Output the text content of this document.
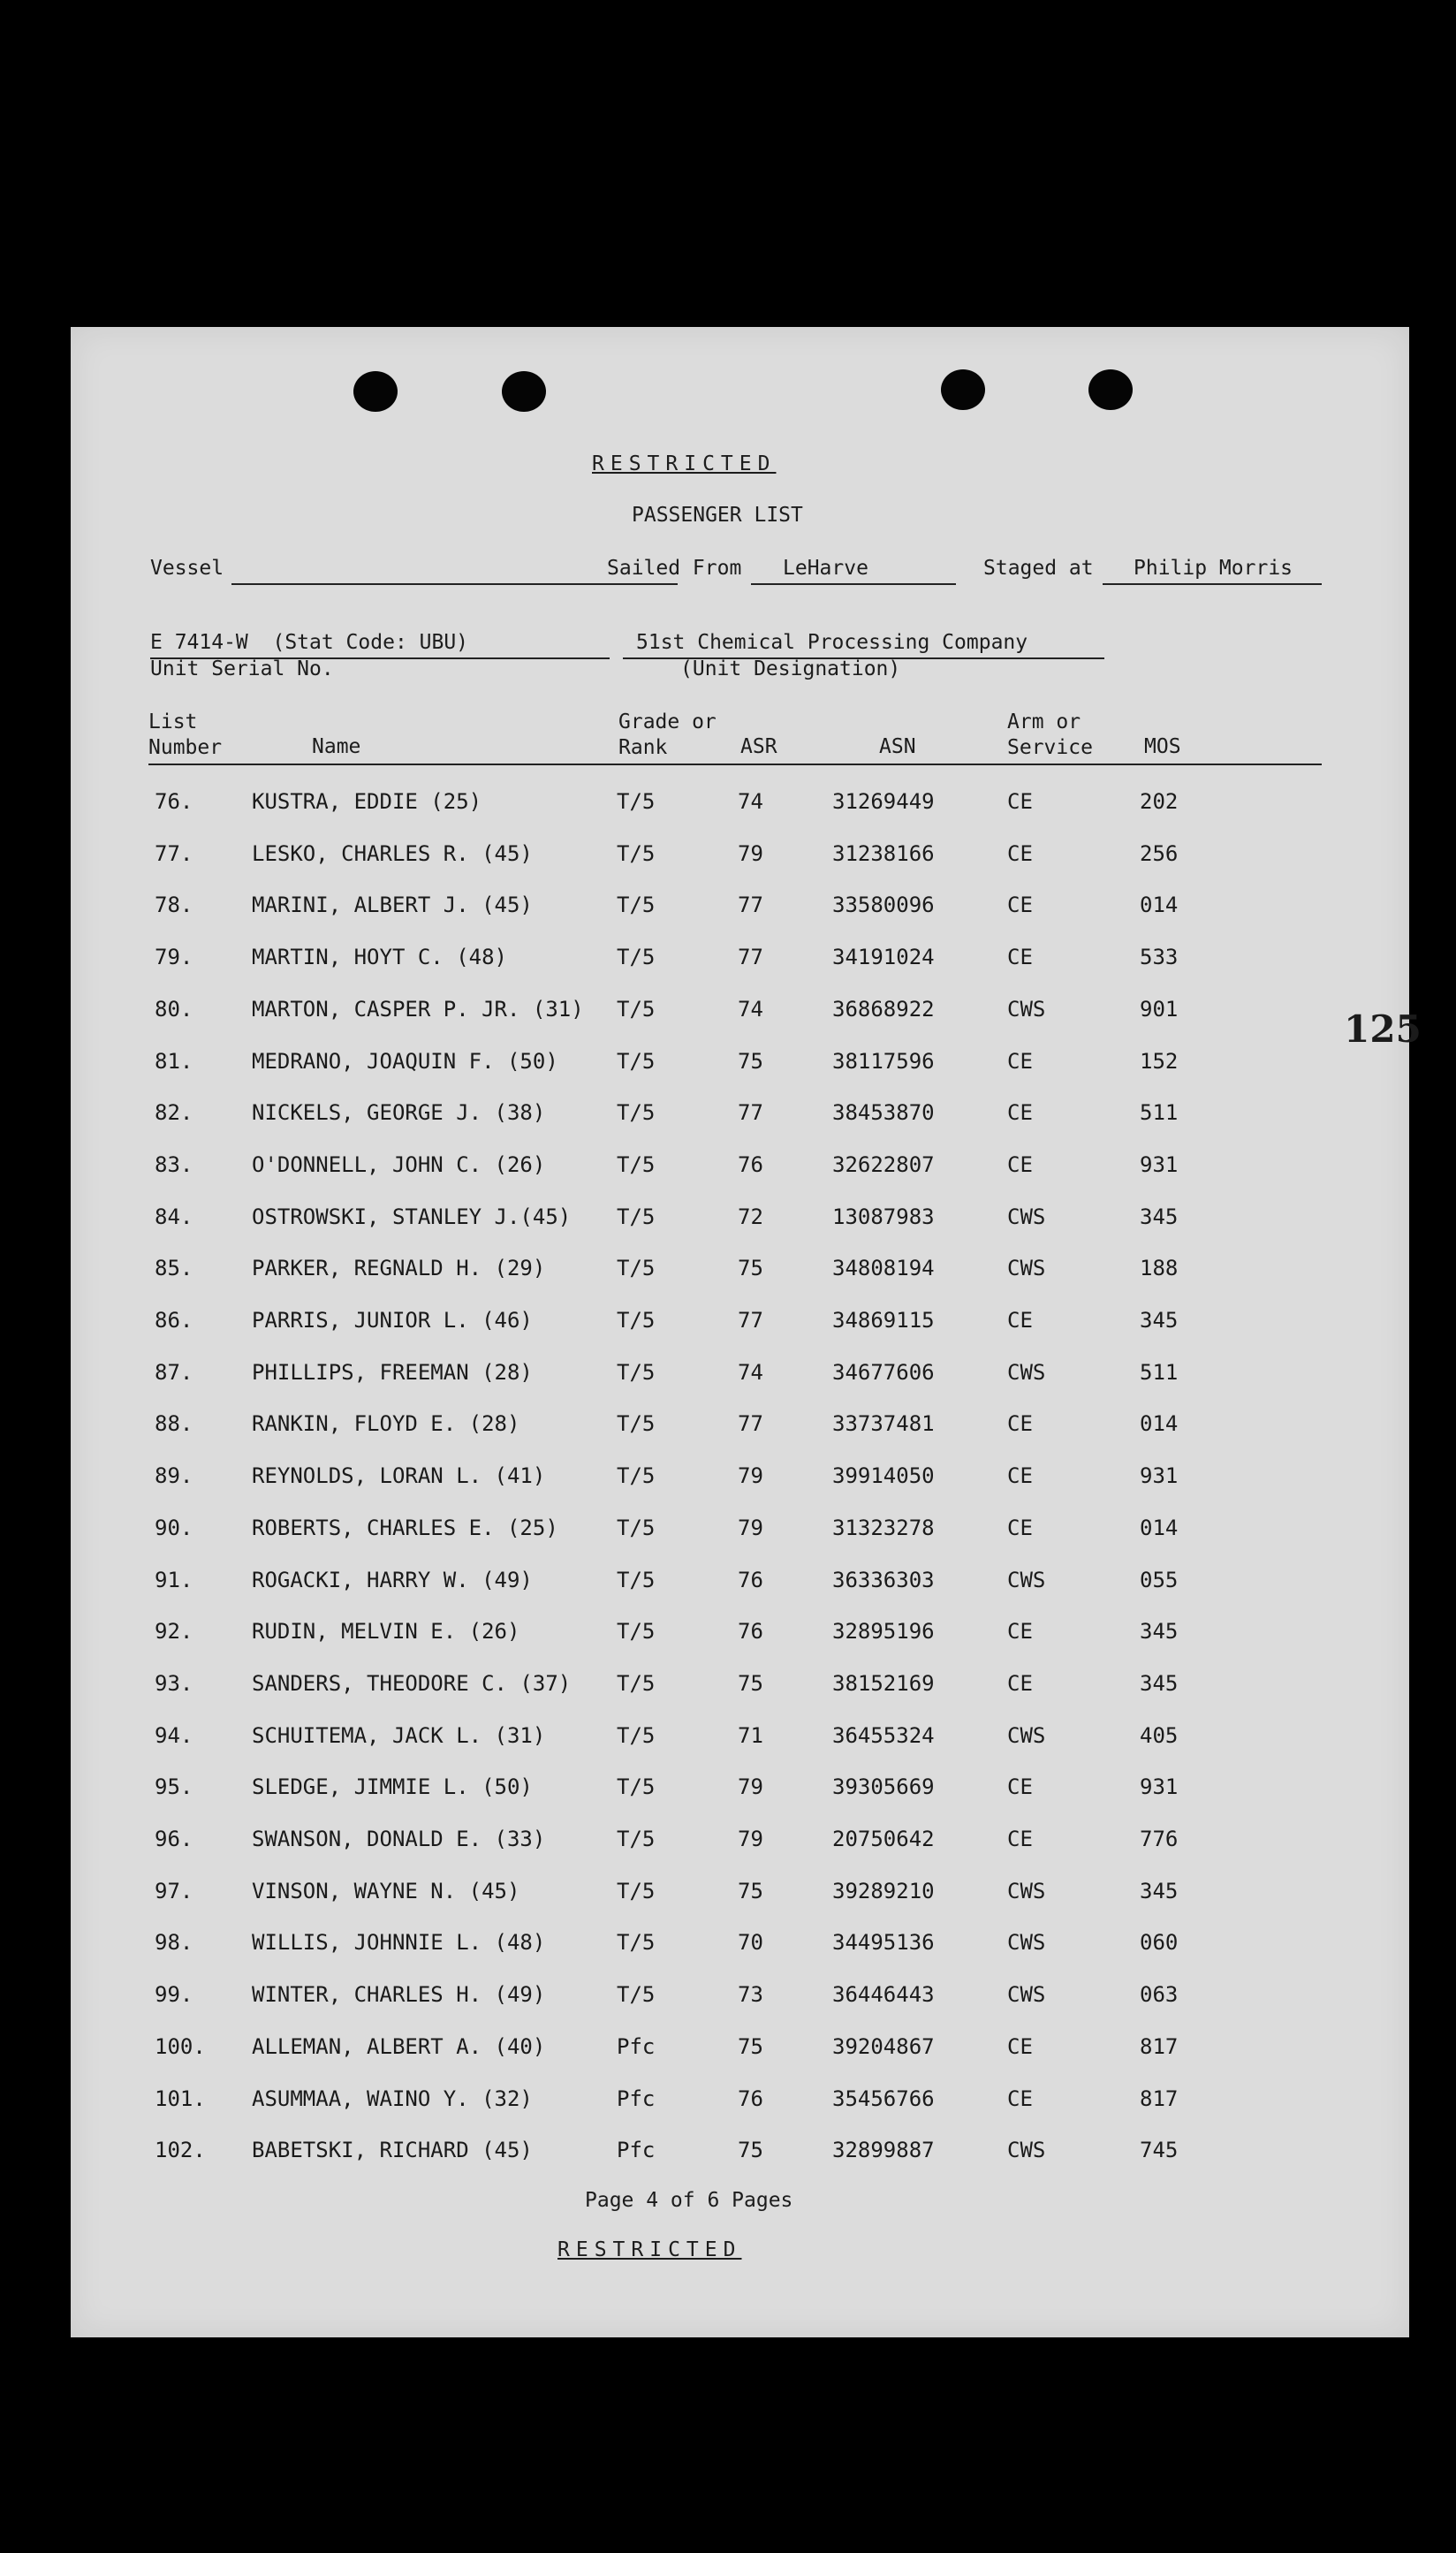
RESTRICTED
PASSENGER LIST
Vessel	Sailed From LeHarve	Staged at Philip Morris
E 7414-W  (Stat Code: UBU)
Unit Serial No.
51st Chemical Processing Company
(Unit Designation)
List
Number	Name
Grade or
Rank	ASR	ASN
Arm or
Service	MOS
76.	KUSTRA, EDDIE (25)	T/5	74	31269449	CE	202
77.	LESKO, CHARLES R. (45)	T/5	79	31238166	CE	256
78.	MARINI, ALBERT J. (45)	T/5	77	33580096	CE	014
79.	MARTIN, HOYT C. (48)	T/5	77	34191024	CE	533
80.	MARTON, CASPER P. JR. (31) T/5	74	36868922	CWS	901
81.	MEDRANO, JOAQUIN F. (50)	T/5	75	38117596	CE	152
82.	NICKELS, GEORGE J. (38)	T/5	77	38453870	CE	511
83.	O'DONNELL, JOHN C. (26)	T/5	76	32622807	CE	931
84.	OSTROWSKI, STANLEY J.(45) T/5	72	13087983	CWS	345
85.	PARKER, REGNALD H. (29)	T/5	75	34808194	CWS	188
86.	PARRIS, JUNIOR L. (46)	T/5	77	34869115	CE	345
87.	PHILLIPS, FREEMAN (28)	T/5	74	34677606	CWS	511
88.	RANKIN, FLOYD E. (28)	T/5	77	33737481	CE	014
89.	REYNOLDS, LORAN L. (41)	T/5	79	39914050	CE	931
90.	ROBERTS, CHARLES E. (25)	T/5	79	31323278	CE	014
91.	ROGACKI, HARRY W. (49)	T/5	76	36336303	CWS	055
92.	RUDIN, MELVIN E. (26)	T/5	76	32895196	CE	345
93.	SANDERS, THEODORE C. (37) T/5	75	38152169	CE	345
94.	SCHUITEMA, JACK L. (31)	T/5	71	36455324	CWS	405
95.	SLEDGE, JIMMIE L. (50)	T/5	79	39305669	CE	931
96.	SWANSON, DONALD E. (33)	T/5	79	20750642	CE	776
97.	VINSON, WAYNE N. (45)	T/5	75	39289210	CWS	345
98.	WILLIS, JOHNNIE L. (48)	T/5	70	34495136	CWS	060
99.	WINTER, CHARLES H. (49)	T/5	73	36446443	CWS	063
100. ALLEMAN, ALBERT A. (40)	Pfc	75	39204867	CE	817
101. ASUMMAA, WAINO Y. (32)	Pfc	76	35456766	CE	817
102. BABETSKI, RICHARD (45)	Pfc	75	32899887	CWS	745
125
Page 4 of 6 Pages
RESTRICTED
